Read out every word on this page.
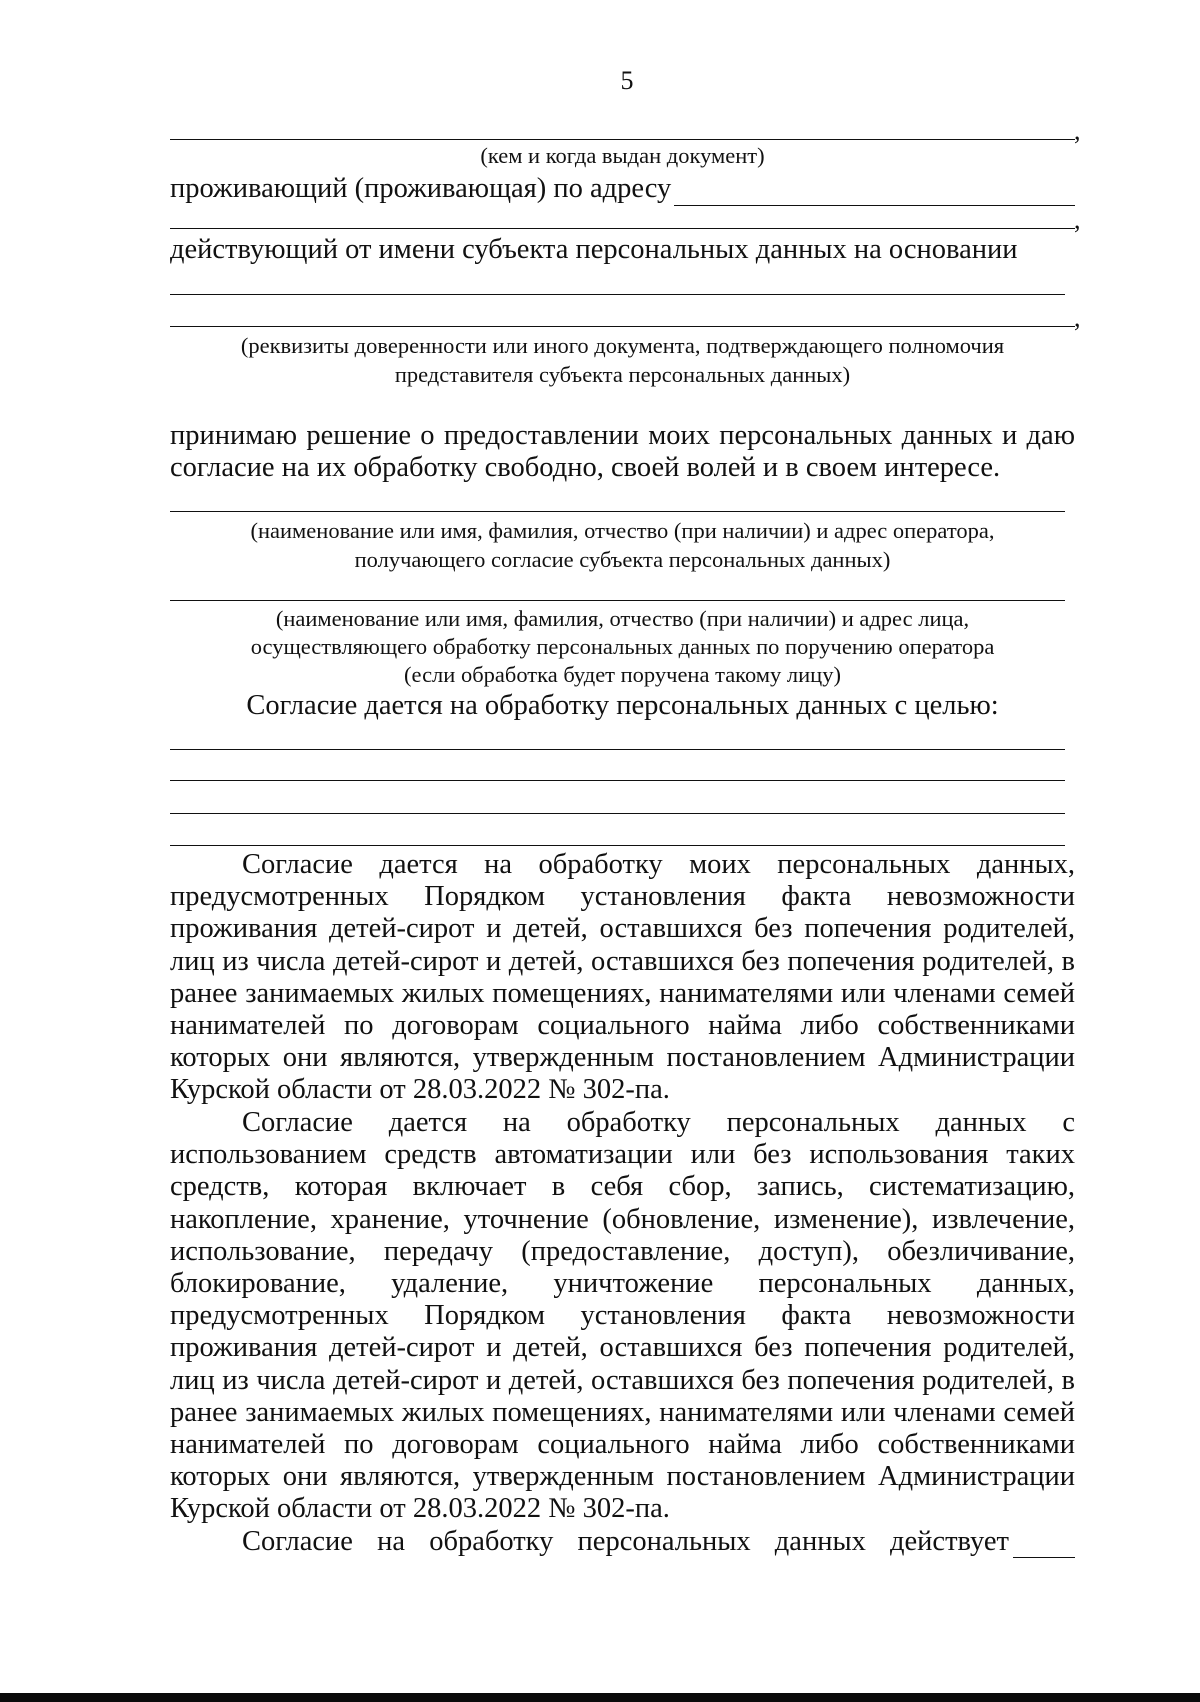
5
,

(кем и когда выдан документ)

проживающий (проживающая) по адресу
,

действующий от имени субъекта персональных данных на основании

,

(реквизиты доверенности или иного документа, подтверждающего полномочия

представителя субъекта персональных данных)

принимаю решение о предоставлении моих персональных данных и даю согласие на их обработку свободно, своей волей и в своем интересе.

(наименование или имя, фамилия, отчество (при наличии) и адрес оператора,

получающего согласие субъекта персональных данных)

(наименование или имя, фамилия, отчество (при наличии) и адрес лица,

осуществляющего обработку персональных данных по поручению оператора

(если обработка будет поручена такому лицу)

Согласие дается на обработку персональных данных с целью:

Согласие дается на обработку моих персональных данных, предусмотренных Порядком установления факта невозможности проживания детей-сирот и детей, оставшихся без попечения родителей, лиц из числа детей-сирот и детей, оставшихся без попечения родителей, в ранее занимаемых жилых помещениях, нанимателями или членами семей нанимателей по договорам социального найма либо собственниками которых они являются, утвержденным постановлением Администрации Курской области от 28.03.2022 № 302-па.

Согласие дается на обработку персональных данных с использованием средств автоматизации или без использования таких средств, которая включает в себя сбор, запись, систематизацию, накопление, хранение, уточнение (обновление, изменение), извлечение, использование, передачу (предоставление, доступ), обезличивание, блокирование, удаление, уничтожение персональных данных, предусмотренных Порядком установления факта невозможности проживания детей-сирот и детей, оставшихся без попечения родителей, лиц из числа детей-сирот и детей, оставшихся без попечения родителей, в ранее занимаемых жилых помещениях, нанимателями или членами семей нанимателей по договорам социального найма либо собственниками которых они являются, утвержденным постановлением Администрации Курской области от 28.03.2022 № 302-па.

Согласие на обработку персональных данных действует
